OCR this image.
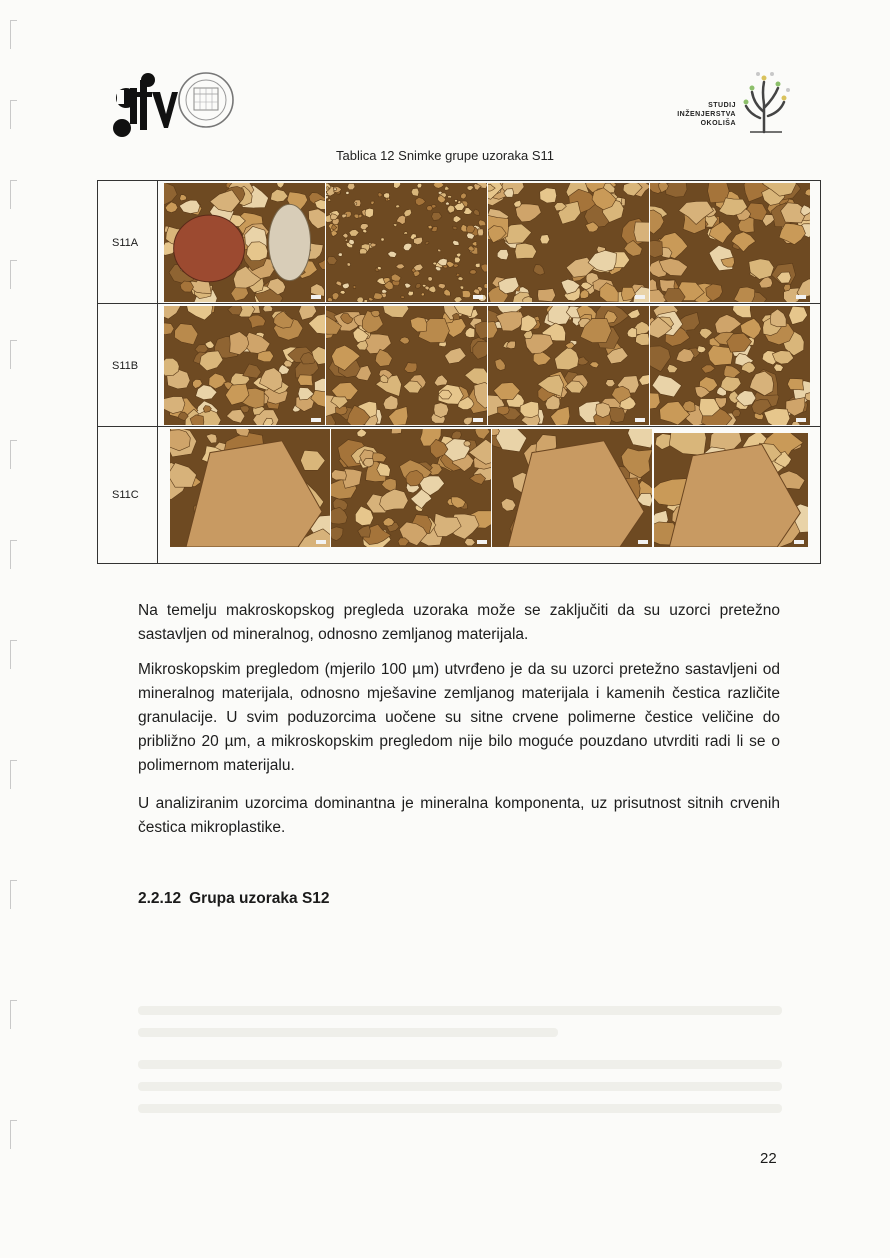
STUDIJ
INŽENJERSTVA
OKOLIŠA
Tablica 12 Snimke grupe uzoraka S11
S11A
S11B
S11C
Na temelju makroskopskog pregleda uzoraka može se zaključiti da su uzorci pretežno
sastavljen od mineralnog, odnosno zemljanog materijala.
Mikroskopskim pregledom (mjerilo 100 µm) utvrđeno je da su uzorci pretežno sastavljeni od
mineralnog materijala, odnosno mješavine zemljanog materijala i kamenih čestica različite
granulacije. U svim poduzorcima uočene su sitne crvene polimerne čestice veličine do
približno 20 µm, a mikroskopskim pregledom nije bilo moguće pouzdano utvrditi radi li se o
polimernom materijalu.
U analiziranim uzorcima dominantna je mineralna komponenta, uz prisutnost sitnih crvenih
čestica mikroplastike.
2.2.12 Grupa uzoraka S12
22
